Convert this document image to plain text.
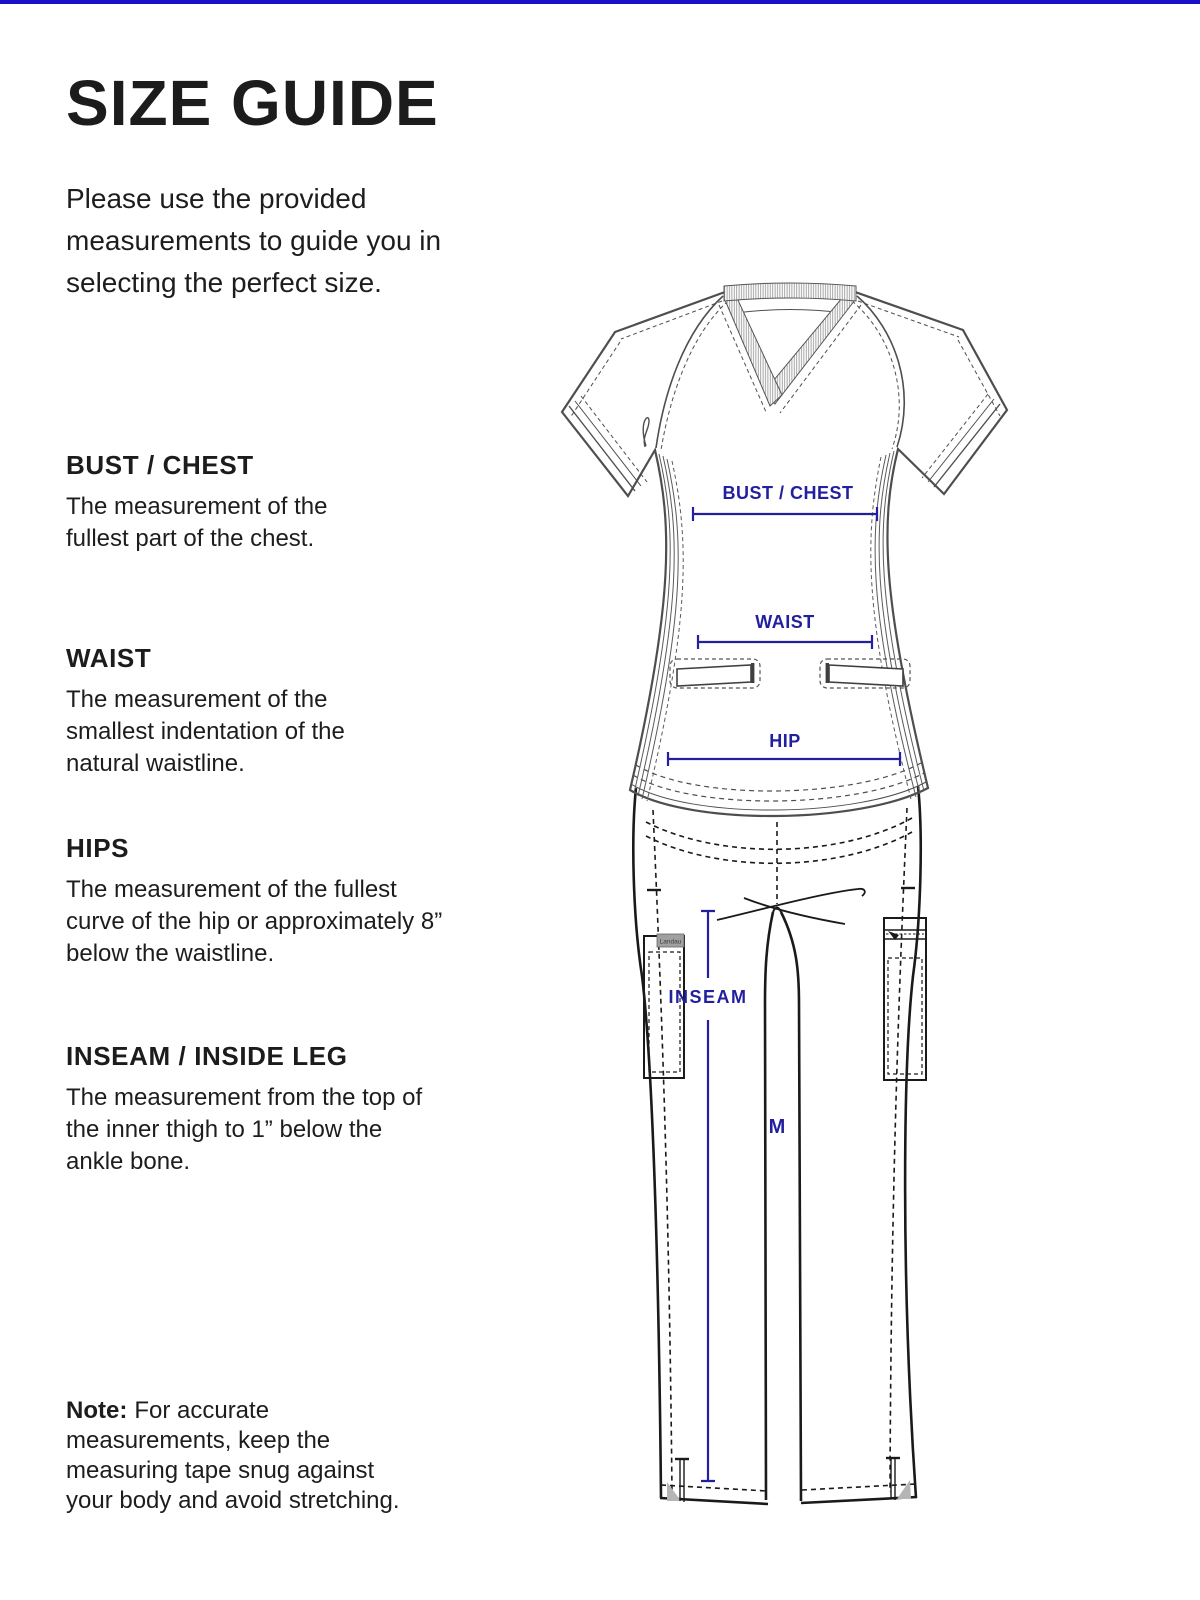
SIZE GUIDE

Please use the provided measurements to guide you in selecting the perfect size.

BUST / CHEST

The measurement of the fullest part of the chest.

WAIST

The measurement of the smallest indentation of the natural waistline.

HIPS

The measurement of the fullest curve of the hip or approximately 8” below the waistline.

INSEAM / INSIDE LEG

The measurement from the top of the inner thigh to 1” below the ankle bone.

Note: For accurate measurements, keep the measuring tape snug against your body and avoid stretching.

Landau
BUST / CHEST
WAIST
HIP
INSEAM
M
